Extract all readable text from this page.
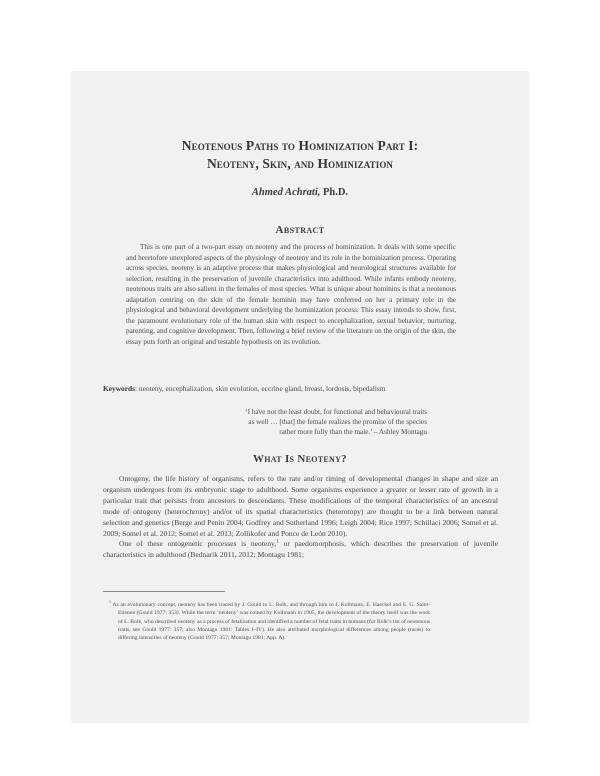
Neotenous Paths to Hominization Part I:
Neoteny, Skin, and Hominization
Ahmed Achrati, Ph.D.
Abstract
This is one part of a two-part essay on neoteny and the process of hominization. It deals with some specific and heretofore unexplored aspects of the physiology of neoteny and its role in the hominization process. Operating across species, neoteny is an adaptive process that makes physiological and neurological structures available for selection, resulting in the preservation of juvenile characteristics into adulthood. While infants embody neoteny, neotenous traits are also salient in the females of most species. What is unique about hominins is that a neotenous adaptation centring on the skin of the female hominin may have conferred on her a primary role in the physiological and behavioral development underlying the hominization process. This essay intends to show, first, the paramount evolutionary role of the human skin with respect to encephalization, sexual behavior, nurturing, parenting, and cognitive development. Then, following a brief review of the literature on the origin of the skin, the essay puts forth an original and testable hypothesis on its evolution.
Keywords: neoteny, encephalization, skin evolution, eccrine gland, breast, lordosis, bipedalism
‘I have not the least doubt, for functional and behavioural traits
as well … [that] the female realizes the promise of the species
rather more fully than the male.’ – Ashley Montagu
What Is Neoteny?

Ontogeny, the life history of organisms, refers to the rate and/or timing of developmental changes in shape and size an organism undergoes from its embryonic stage to adulthood. Some organisms experience a greater or lesser rate of growth in a particular trait that persists from ancestors to descendants. These modifications of the temporal characteristics of an ancestral mode of ontogeny (heterochrony) and/or of its spatial characteristics (heterotopy) are thought to be a link between natural selection and genetics (Berge and Penin 2004; Godfrey and Sutherland 1996; Leigh 2004; Rice 1997; Schillaci 2006; Somel et al. 2009; Somel et al. 2012; Somel et al. 2013; Zollikofer and Ponce de León 2010).

One of these ontogenetic processes is neoteny,$^1$ or paedomorphosis, which describes the preservation of juvenile characteristics in adulthood (Bednarik 2011, 2012; Montagu 1981;

$^1$ As an evolutionary concept, neoteny has been traced by J. Gould to L. Bolk, and through him to J. Kollmann, E. Haeckel and E. G. Saint-Etienne (Gould 1977: 353). While the term ‘neoteny’ was coined by Kollmann in 1905, the development of the theory itself was the work of L. Bolk, who described neoteny as a process of fetalization and identified a number of fetal traits in humans (for Bolk’s list of neotenous traits, see Gould 1977: 357; also Montagu 1981: Tables I–IV). He also attributed morphological differences among people (races) to differing intensities of neoteny (Gould 1977: 357; Montagu 1981: App. A).
